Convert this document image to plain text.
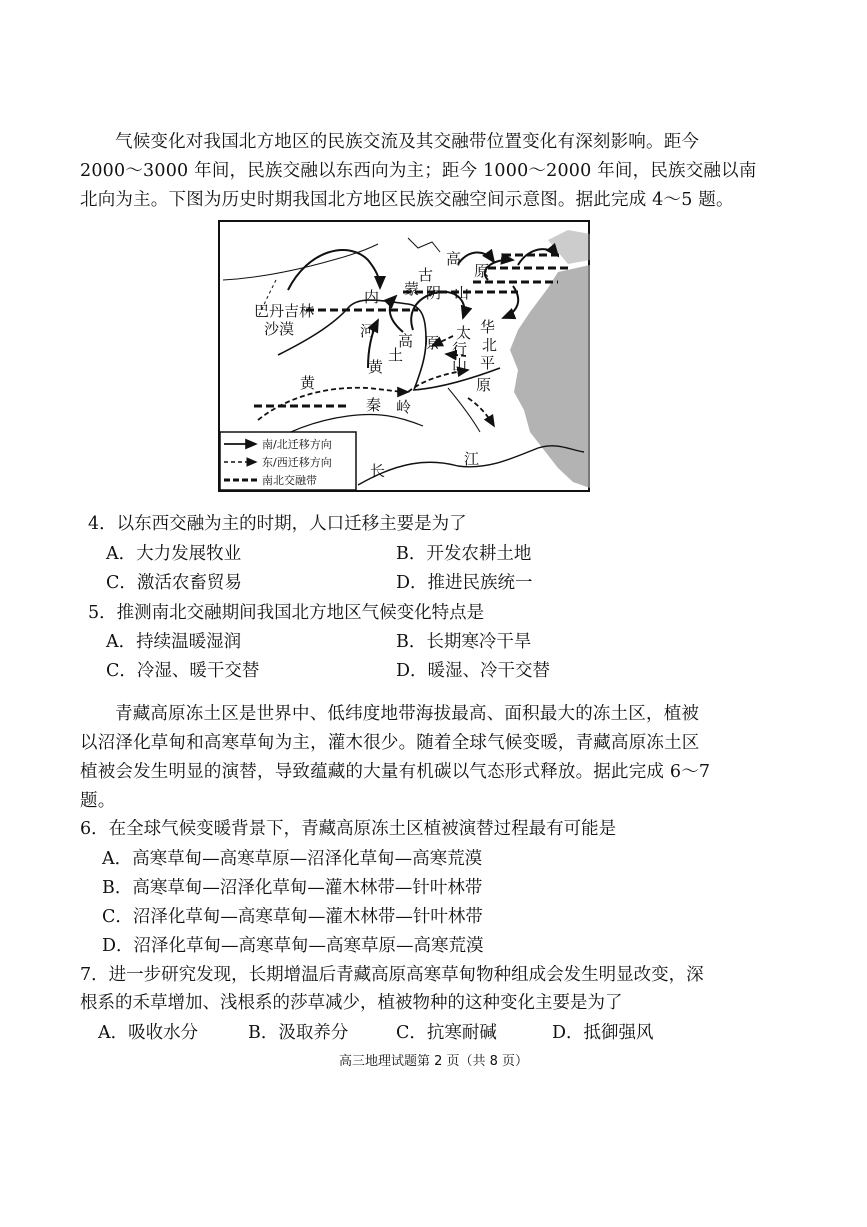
气候变化对我国北方地区的民族交流及其交融带位置变化有深刻影响。距今

2000～3000 年间，民族交融以东西向为主；距今 1000～2000 年间，民族交融以南

北向为主。下图为历史时期我国北方地区民族交融空间示意图。据此完成 4～5 题。

高
原
古
蒙
内	阴 山
巴丹吉林
沙漠	河
黄
土
高 原
太
行
山
华
北
平
原
黄
秦 岭
长
江
南/北迁移方向
东/西迁移方向
南北交融带
4．以东西交融为主的时期，人口迁移主要是为了
A．大力发展牧业	B．开发农耕土地
C．激活农畜贸易	D．推进民族统一
5．推测南北交融期间我国北方地区气候变化特点是
A．持续温暖湿润	B．长期寒冷干旱
C．冷湿、暖干交替	D．暖湿、冷干交替

青藏高原冻土区是世界中、低纬度地带海拔最高、面积最大的冻土区，植被

以沼泽化草甸和高寒草甸为主，灌木很少。随着全球气候变暖，青藏高原冻土区

植被会发生明显的演替，导致蕴藏的大量有机碳以气态形式释放。据此完成 6～7

题。

6．在全球气候变暖背景下，青藏高原冻土区植被演替过程最有可能是
A．高寒草甸—高寒草原—沼泽化草甸—高寒荒漠
B．高寒草甸—沼泽化草甸—灌木林带—针叶林带
C．沼泽化草甸—高寒草甸—灌木林带—针叶林带
D．沼泽化草甸—高寒草甸—高寒草原—高寒荒漠
7．进一步研究发现，长期增温后青藏高原高寒草甸物种组成会发生明显改变，深
根系的禾草增加、浅根系的莎草减少，植被物种的这种变化主要是为了
A．吸收水分	B．汲取养分	C．抗寒耐碱	D．抵御强风
高三地理试题第 2 页（共 8 页）
